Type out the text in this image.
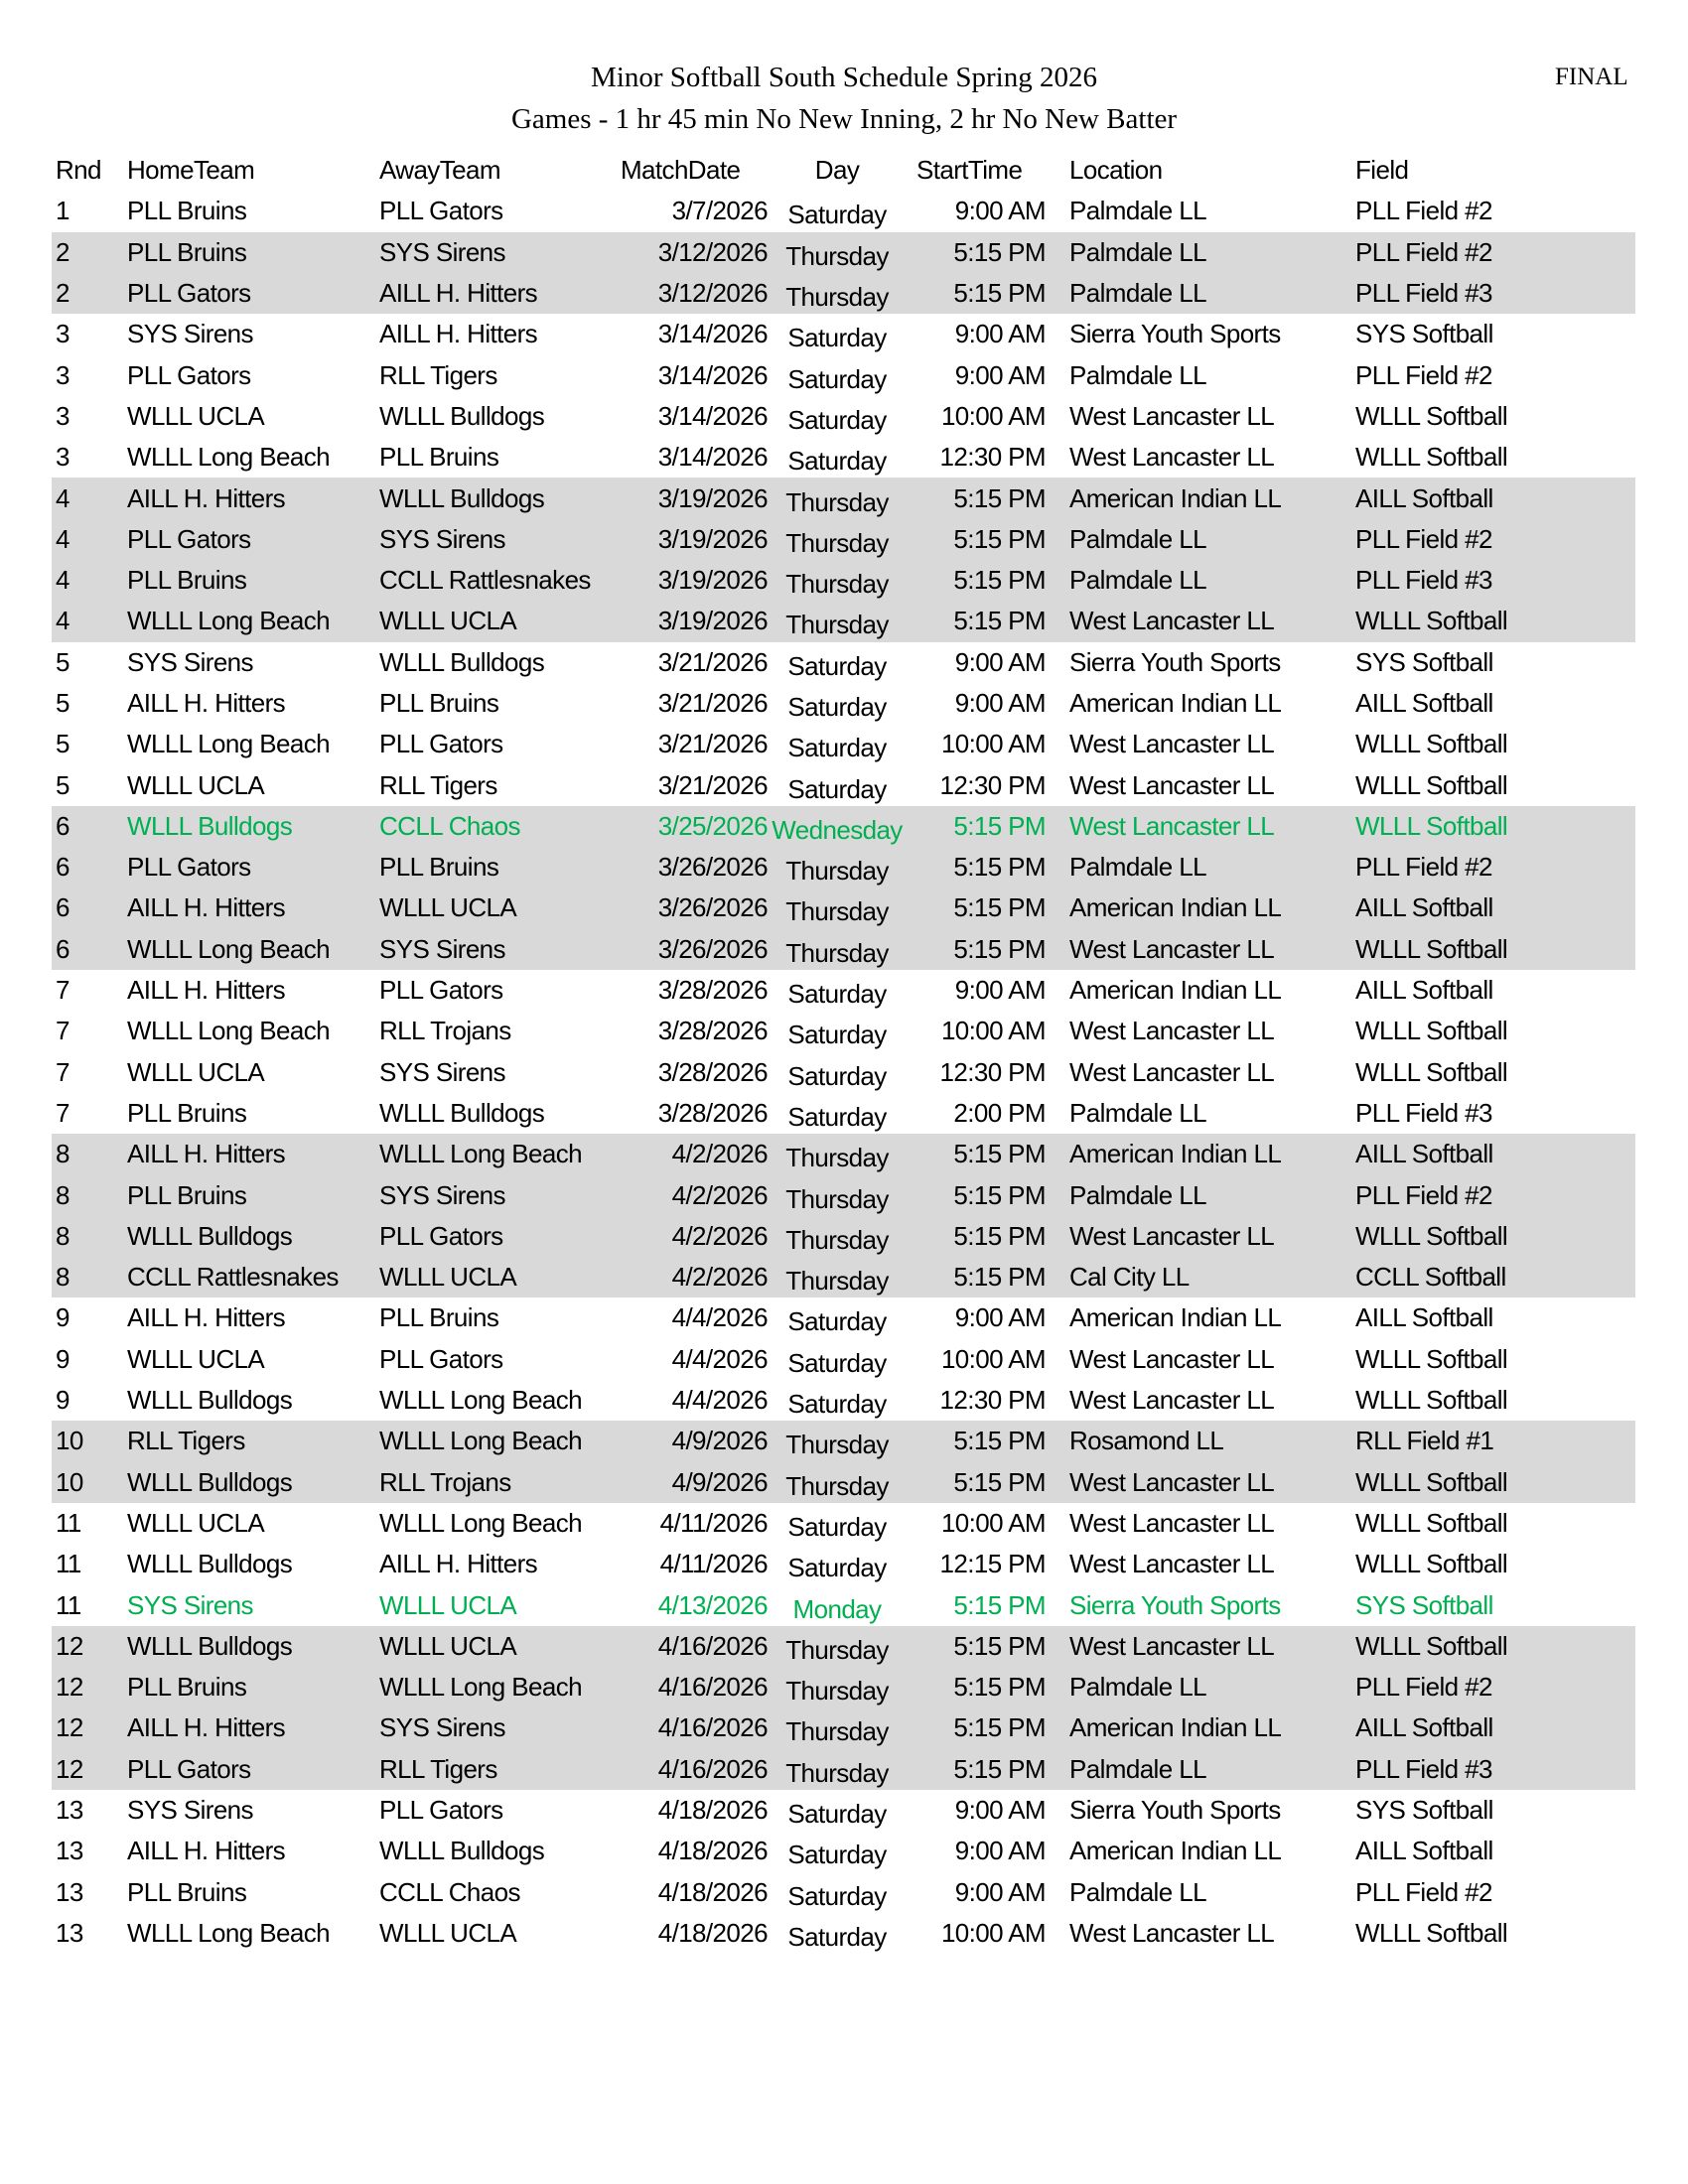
Minor Softball South Schedule Spring 2026
Games - 1 hr 45 min No New Inning, 2 hr No New Batter
FINAL
Rnd	HomeTeam	AwayTeam	MatchDate	Day	StartTime	Location	Field
1	PLL Bruins	PLL Gators	3/7/2026	Saturday	9:00 AM	Palmdale LL	PLL Field #2
2	PLL Bruins	SYS Sirens	3/12/2026	Thursday	5:15 PM	Palmdale LL	PLL Field #2
2	PLL Gators	AILL H. Hitters	3/12/2026	Thursday	5:15 PM	Palmdale LL	PLL Field #3
3	SYS Sirens	AILL H. Hitters	3/14/2026	Saturday	9:00 AM	Sierra Youth Sports	SYS Softball
3	PLL Gators	RLL Tigers	3/14/2026	Saturday	9:00 AM	Palmdale LL	PLL Field #2
3	WLLL UCLA	WLLL Bulldogs	3/14/2026	Saturday	10:00 AM	West Lancaster LL	WLLL Softball
3	WLLL Long Beach	PLL Bruins	3/14/2026	Saturday	12:30 PM	West Lancaster LL	WLLL Softball
4	AILL H. Hitters	WLLL Bulldogs	3/19/2026	Thursday	5:15 PM	American Indian LL	AILL Softball
4	PLL Gators	SYS Sirens	3/19/2026	Thursday	5:15 PM	Palmdale LL	PLL Field #2
4	PLL Bruins	CCLL Rattlesnakes	3/19/2026	Thursday	5:15 PM	Palmdale LL	PLL Field #3
4	WLLL Long Beach	WLLL UCLA	3/19/2026	Thursday	5:15 PM	West Lancaster LL	WLLL Softball
5	SYS Sirens	WLLL Bulldogs	3/21/2026	Saturday	9:00 AM	Sierra Youth Sports	SYS Softball
5	AILL H. Hitters	PLL Bruins	3/21/2026	Saturday	9:00 AM	American Indian LL	AILL Softball
5	WLLL Long Beach	PLL Gators	3/21/2026	Saturday	10:00 AM	West Lancaster LL	WLLL Softball
5	WLLL UCLA	RLL Tigers	3/21/2026	Saturday	12:30 PM	West Lancaster LL	WLLL Softball
6	WLLL Bulldogs	CCLL Chaos	3/25/2026	Wednesday	5:15 PM	West Lancaster LL	WLLL Softball
6	PLL Gators	PLL Bruins	3/26/2026	Thursday	5:15 PM	Palmdale LL	PLL Field #2
6	AILL H. Hitters	WLLL UCLA	3/26/2026	Thursday	5:15 PM	American Indian LL	AILL Softball
6	WLLL Long Beach	SYS Sirens	3/26/2026	Thursday	5:15 PM	West Lancaster LL	WLLL Softball
7	AILL H. Hitters	PLL Gators	3/28/2026	Saturday	9:00 AM	American Indian LL	AILL Softball
7	WLLL Long Beach	RLL Trojans	3/28/2026	Saturday	10:00 AM	West Lancaster LL	WLLL Softball
7	WLLL UCLA	SYS Sirens	3/28/2026	Saturday	12:30 PM	West Lancaster LL	WLLL Softball
7	PLL Bruins	WLLL Bulldogs	3/28/2026	Saturday	2:00 PM	Palmdale LL	PLL Field #3
8	AILL H. Hitters	WLLL Long Beach	4/2/2026	Thursday	5:15 PM	American Indian LL	AILL Softball
8	PLL Bruins	SYS Sirens	4/2/2026	Thursday	5:15 PM	Palmdale LL	PLL Field #2
8	WLLL Bulldogs	PLL Gators	4/2/2026	Thursday	5:15 PM	West Lancaster LL	WLLL Softball
8	CCLL Rattlesnakes	WLLL UCLA	4/2/2026	Thursday	5:15 PM	Cal City LL	CCLL Softball
9	AILL H. Hitters	PLL Bruins	4/4/2026	Saturday	9:00 AM	American Indian LL	AILL Softball
9	WLLL UCLA	PLL Gators	4/4/2026	Saturday	10:00 AM	West Lancaster LL	WLLL Softball
9	WLLL Bulldogs	WLLL Long Beach	4/4/2026	Saturday	12:30 PM	West Lancaster LL	WLLL Softball
10	RLL Tigers	WLLL Long Beach	4/9/2026	Thursday	5:15 PM	Rosamond LL	RLL Field #1
10	WLLL Bulldogs	RLL Trojans	4/9/2026	Thursday	5:15 PM	West Lancaster LL	WLLL Softball
11	WLLL UCLA	WLLL Long Beach	4/11/2026	Saturday	10:00 AM	West Lancaster LL	WLLL Softball
11	WLLL Bulldogs	AILL H. Hitters	4/11/2026	Saturday	12:15 PM	West Lancaster LL	WLLL Softball
11	SYS Sirens	WLLL UCLA	4/13/2026	Monday	5:15 PM	Sierra Youth Sports	SYS Softball
12	WLLL Bulldogs	WLLL UCLA	4/16/2026	Thursday	5:15 PM	West Lancaster LL	WLLL Softball
12	PLL Bruins	WLLL Long Beach	4/16/2026	Thursday	5:15 PM	Palmdale LL	PLL Field #2
12	AILL H. Hitters	SYS Sirens	4/16/2026	Thursday	5:15 PM	American Indian LL	AILL Softball
12	PLL Gators	RLL Tigers	4/16/2026	Thursday	5:15 PM	Palmdale LL	PLL Field #3
13	SYS Sirens	PLL Gators	4/18/2026	Saturday	9:00 AM	Sierra Youth Sports	SYS Softball
13	AILL H. Hitters	WLLL Bulldogs	4/18/2026	Saturday	9:00 AM	American Indian LL	AILL Softball
13	PLL Bruins	CCLL Chaos	4/18/2026	Saturday	9:00 AM	Palmdale LL	PLL Field #2
13	WLLL Long Beach	WLLL UCLA	4/18/2026	Saturday	10:00 AM	West Lancaster LL	WLLL Softball
